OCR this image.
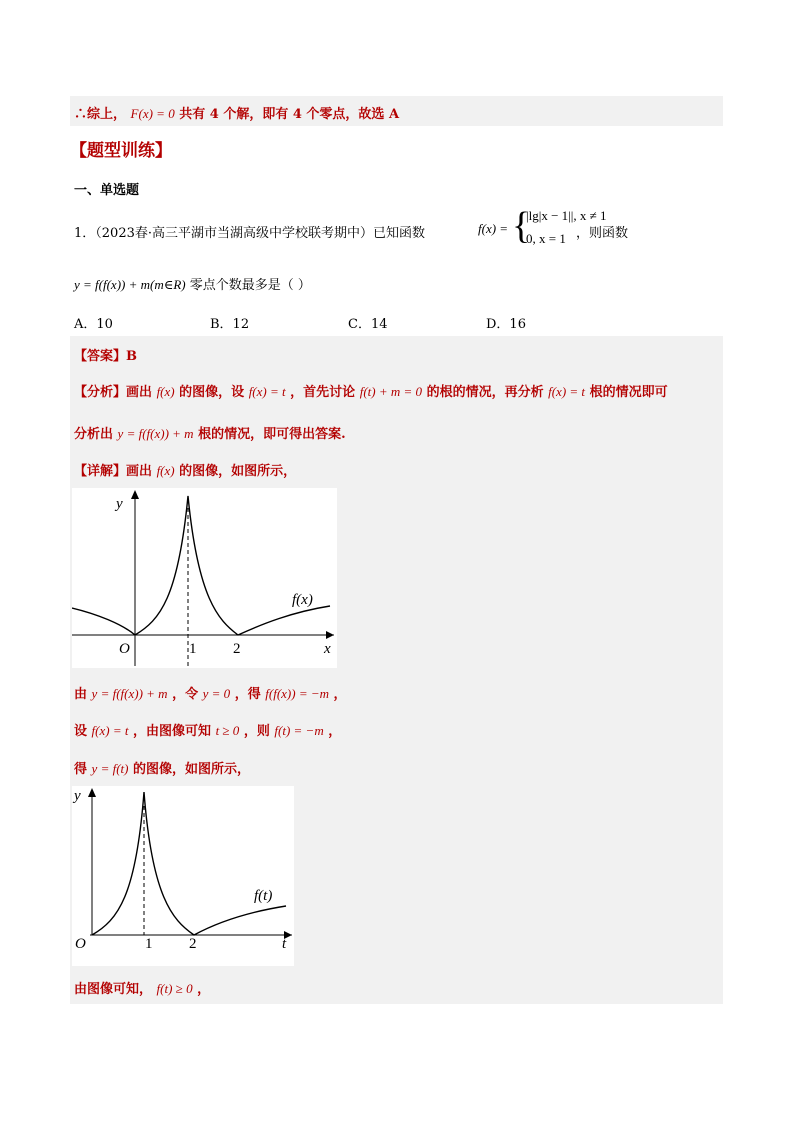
∴综上， F(x) = 0 共有 4 个解，即有 4 个零点，故选 A
【题型训练】
一、单选题
1．（2023春·高三平湖市当湖高级中学校联考期中）已知函数	f(x) = {
|lg|x − 1||, x ≠ 1
0, x = 1 ，则函数
y = f(f(x)) + m(m∈R) 零点个数最多是（ ）
A．10	B．12	C．14	D．16
【答案】B
【分析】画出 f(x) 的图像，设 f(x) = t ，首先讨论 f(t) + m = 0 的根的情况，再分析 f(x) = t 根的情况即可
分析出 y = f(f(x)) + m 根的情况，即可得出答案.
【详解】画出 f(x) 的图像，如图所示，
y
x
O	1 2
f(x)
由 y = f(f(x)) + m ，令 y = 0 ，得 f(f(x)) = −m ，
设 f(x) = t ，由图像可知 t ≥ 0 ，则 f(t) = −m ，
得 y = f(t) 的图像，如图所示，
y
t
O	1 2
f(t)
由图像可知， f(t) ≥ 0 ，
